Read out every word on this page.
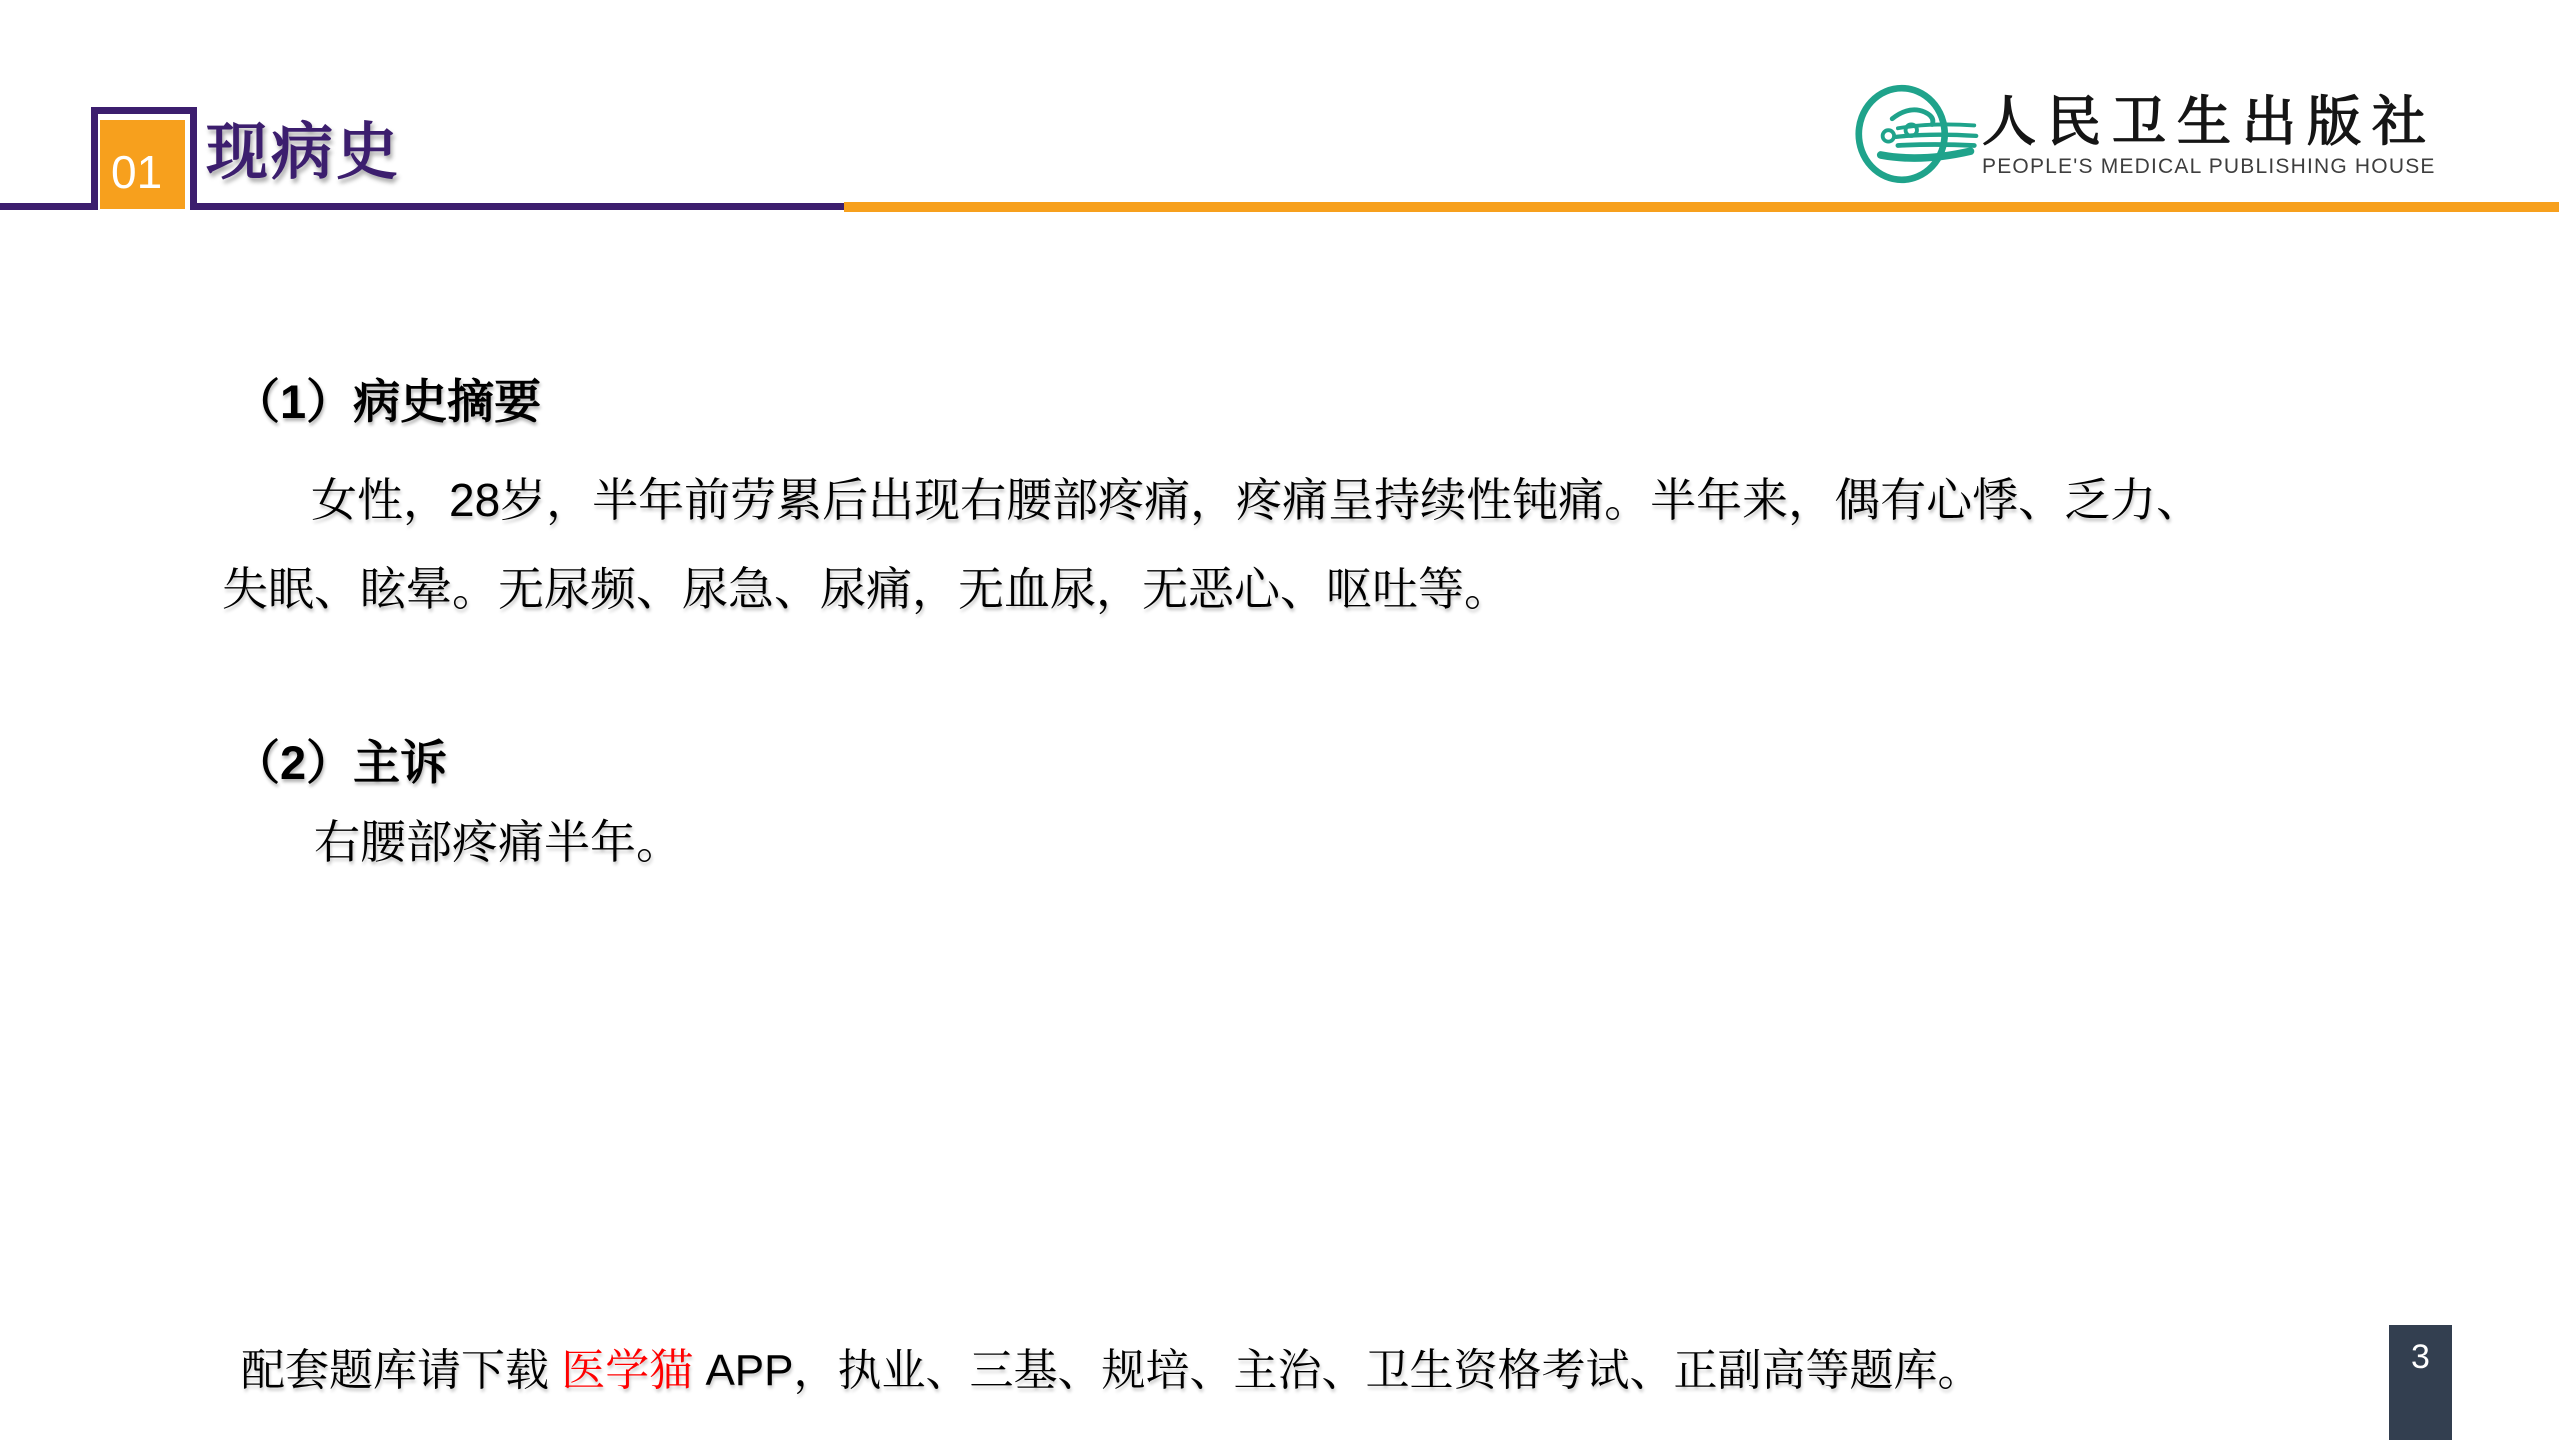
01 现病史	人民卫生出版社
PEOPLE'S MEDICAL PUBLISHING HOUSE
（1）病史摘要
女性，28岁，半年前劳累后出现右腰部疼痛，疼痛呈持续性钝痛。半年来，偶有心悸、乏力、
失眠、眩晕。无尿频、尿急、尿痛，无血尿，无恶心、呕吐等。
（2）主诉
右腰部疼痛半年。
配套题库请下载 医学猫 APP，执业、三基、规培、主治、卫生资格考试、正副高等题库。	3
